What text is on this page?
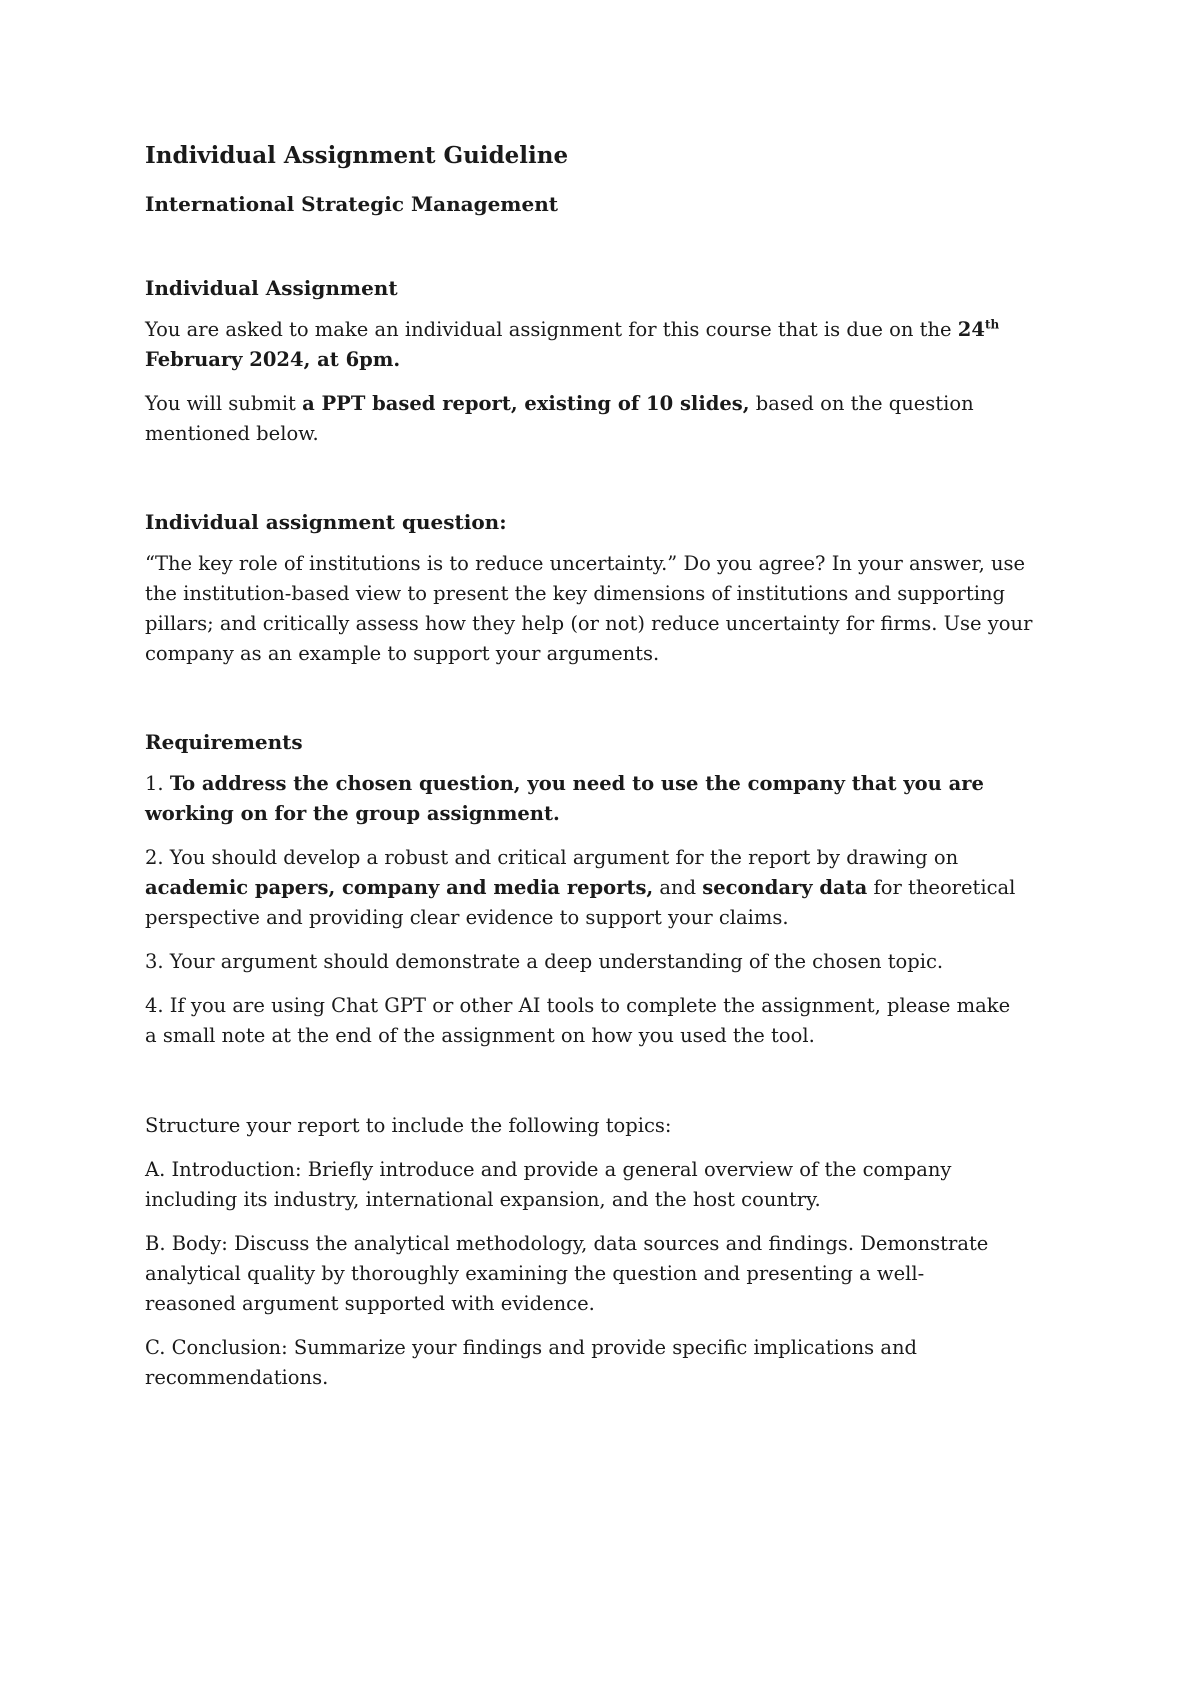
Individual Assignment Guideline
International Strategic Management
Individual Assignment

You are asked to make an individual assignment for this course that is due on the 24th
February 2024, at 6pm.

You will submit a PPT based report, existing of 10 slides, based on the question mentioned below.

Individual assignment question:

“The key role of institutions is to reduce uncertainty.” Do you agree? In your answer, use the institution-based view to present the key dimensions of institutions and supporting pillars; and critically assess how they help (or not) reduce uncertainty for firms. Use your company as an example to support your arguments.

Requirements

1. To address the chosen question, you need to use the company that you are working on for the group assignment.

2. You should develop a robust and critical argument for the report by drawing on academic papers, company and media reports, and secondary data for theoretical perspective and providing clear evidence to support your claims.

3. Your argument should demonstrate a deep understanding of the chosen topic.

4. If you are using Chat GPT or other AI tools to complete the assignment, please make a small note at the end of the assignment on how you used the tool.

Structure your report to include the following topics:

A. Introduction: Briefly introduce and provide a general overview of the company including its industry, international expansion, and the host country.

B. Body: Discuss the analytical methodology, data sources and findings. Demonstrate analytical quality by thoroughly examining the question and presenting a well-reasoned argument supported with evidence.

C. Conclusion: Summarize your findings and provide specific implications and recommendations.
